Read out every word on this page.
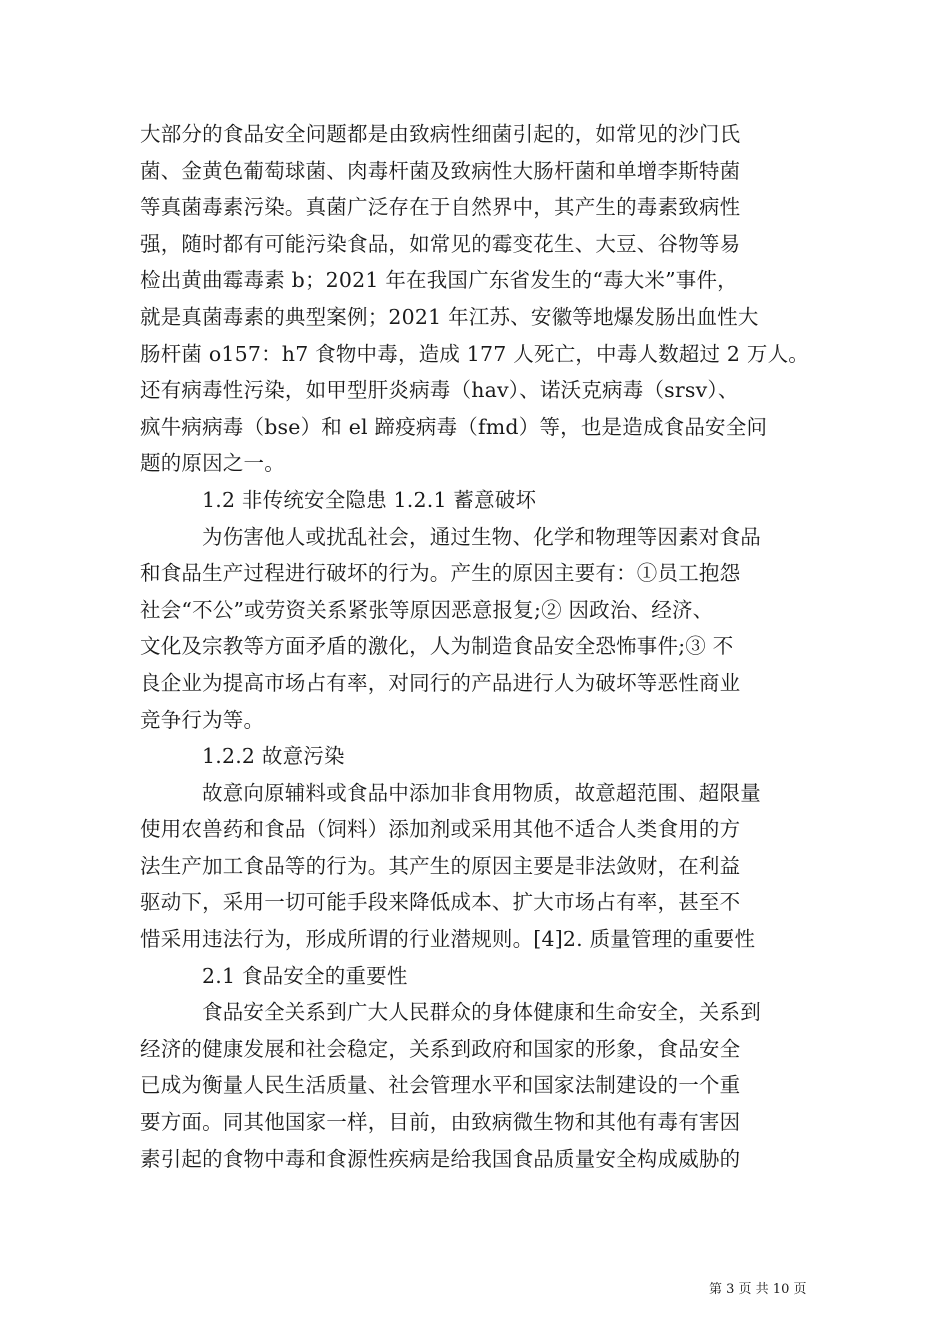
大部分的食品安全问题都是由致病性细菌引起的，如常见的沙门氏
菌、金黄色葡萄球菌、肉毒杆菌及致病性大肠杆菌和单增李斯特菌
等真菌毒素污染。真菌广泛存在于自然界中，其产生的毒素致病性
强，随时都有可能污染食品，如常见的霉变花生、大豆、谷物等易
检出黄曲霉毒素 b；2021 年在我国广东省发生的“毒大米”事件，
就是真菌毒素的典型案例；2021 年江苏、安徽等地爆发肠出血性大
肠杆菌 o157：h7 食物中毒，造成 177 人死亡，中毒人数超过 2 万人。
还有病毒性污染，如甲型肝炎病毒（hav）、诺沃克病毒（srsv）、
疯牛病病毒（bse）和 el 蹄疫病毒（fmd）等，也是造成食品安全问
题的原因之一。
1.2 非传统安全隐患 1.2.1 蓄意破坏
为伤害他人或扰乱社会，通过生物、化学和物理等因素对食品
和食品生产过程进行破坏的行为。产生的原因主要有：①员工抱怨
社会“不公”或劳资关系紧张等原因恶意报复;② 因政治、经济、
文化及宗教等方面矛盾的激化，人为制造食品安全恐怖事件;③ 不
良企业为提高市场占有率，对同行的产品进行人为破坏等恶性商业
竞争行为等。
1.2.2 故意污染
故意向原辅料或食品中添加非食用物质，故意超范围、超限量
使用农兽药和食品（饲料）添加剂或采用其他不适合人类食用的方
法生产加工食品等的行为。其产生的原因主要是非法敛财，在利益
驱动下，采用一切可能手段来降低成本、扩大市场占有率，甚至不
惜采用违法行为，形成所谓的行业潜规则。[4]2. 质量管理的重要性
2.1 食品安全的重要性
食品安全关系到广大人民群众的身体健康和生命安全，关系到
经济的健康发展和社会稳定，关系到政府和国家的形象，食品安全
已成为衡量人民生活质量、社会管理水平和国家法制建设的一个重
要方面。同其他国家一样，目前，由致病微生物和其他有毒有害因
素引起的食物中毒和食源性疾病是给我国食品质量安全构成威胁的
第 3 页 共 10 页
